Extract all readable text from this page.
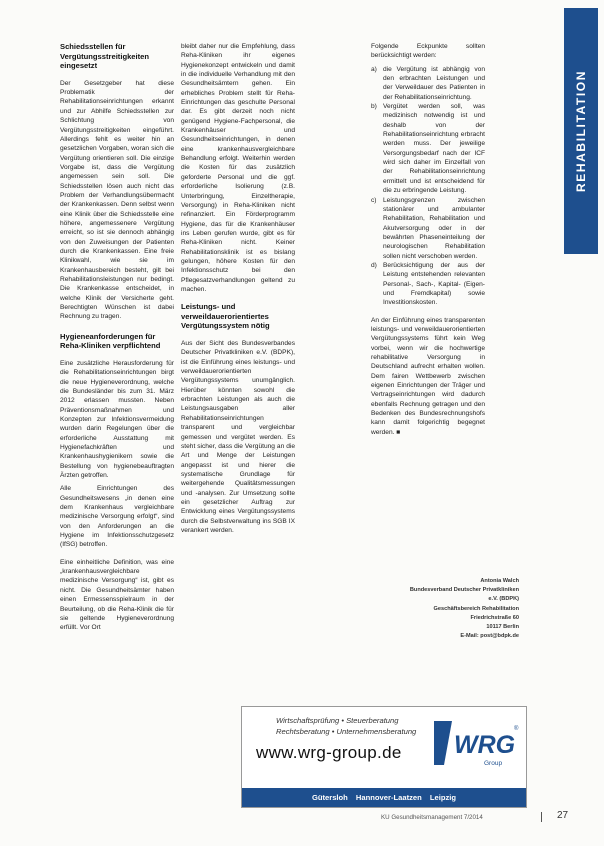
REHABILITATION
Schiedsstellen für Vergütungsstreitigkeiten eingesetzt

Der Gesetzgeber hat diese Problematik der Rehabilitationseinrichtungen erkannt und zur Abhilfe Schiedsstellen zur Schlichtung von Vergütungsstreitigkeiten eingeführt. Allerdings fehlt es weiter hin an gesetzlichen Vorgaben, woran sich die Vergütung orientieren soll. Die einzige Vorgabe ist, dass die Vergütung angemessen sein soll. Die Schiedsstellen lösen auch nicht das Problem der Verhandlungsübermacht der Krankenkassen. Denn selbst wenn eine Klinik über die Schiedsstelle eine höhere, angemessenere Vergütung erreicht, so ist sie dennoch abhängig von den Zuweisungen der Patienten durch die Krankenkassen. Eine freie Klinikwahl, wie sie im Krankenhausbereich besteht, gilt bei Rehabilitationsleistungen nur bedingt. Die Krankenkasse entscheidet, in welche Klinik der Versicherte geht. Berechtigten Wünschen ist dabei Rechnung zu tragen.

Hygieneanforderungen für Reha-Kliniken verpflichtend

Eine zusätzliche Herausforderung für die Rehabilitationseinrichtungen birgt die neue Hygieneverordnung, welche die Bundesländer bis zum 31. März 2012 erlassen mussten. Neben Präventionsmaßnahmen und Konzepten zur Infektionsvermeidung wurden darin Regelungen über die erforderliche Ausstattung mit Hygienefachkräften und Krankenhaushygienikern sowie die Bestellung von hygienebeauftragten Ärzten getroffen.

Alle Einrichtungen des Gesundheitswesens „in denen eine dem Krankenhaus vergleichbare medizinische Versorgung erfolgt“, sind von den Anforderungen an die Hygiene im Infektionsschutzgesetz (IfSG) betroffen.

Eine einheitliche Definition, was eine „krankenhausvergleichbare medizinische Versorgung“ ist, gibt es nicht. Die Gesundheitsämter haben einen Ermessensspielraum in der Beurteilung, ob die Reha-Klinik die für sie geltende Hygieneverordnung erfüllt. Vor Ort

bleibt daher nur die Empfehlung, dass Reha-Kliniken ihr eigenes Hygienekonzept entwickeln und damit in die individuelle Verhandlung mit den Gesundheitsämtern gehen. Ein erhebliches Problem stellt für Reha-Einrichtungen das geschulte Personal dar. Es gibt derzeit noch nicht genügend Hygiene-Fachpersonal, die Krankenhäuser und Gesundheitseinrichtungen, in denen eine krankenhausvergleichbare Behandlung erfolgt. Weiterhin werden die Kosten für das zusätzlich geforderte Personal und die ggf. erforderliche Isolierung (z.B. Unterbringung, Einzeltherapie, Versorgung) in Reha-Kliniken nicht refinanziert. Ein Förderprogramm Hygiene, das für die Krankenhäuser ins Leben gerufen wurde, gibt es für Reha-Kliniken nicht. Keiner Rehabilitationsklinik ist es bislang gelungen, höhere Kosten für den Infektionsschutz bei den Pflegesatzverhandlungen geltend zu machen.

Leistungs- und verweildauerorientiertes Vergütungssystem nötig

Aus der Sicht des Bundesverbandes Deutscher Privatkliniken e.V. (BDPK), ist die Einführung eines leistungs- und verweildauerorientierten Vergütungssystems unumgänglich. Hierüber könnten sowohl die erbrachten Leistungen als auch die Leistungsausgaben aller Rehabilitationseinrichtungen transparent und vergleichbar gemessen und vergütet werden. Es steht sicher, dass die Vergütung an die Art und Menge der Leistungen angepasst ist und hierer die systematische Grundlage für weitergehende Qualitätsmessungen und -analysen. Zur Umsetzung sollte ein gesetzlicher Auftrag zur Entwicklung eines Vergütungssystems durch die Selbstverwaltung ins SGB IX verankert werden.

Folgende Eckpunkte sollten berücksichtigt werden:

a) die Vergütung ist abhängig von den erbrachten Leistungen und der Verweildauer des Patienten in der Rehabilitationseinrichtung.
b) Vergütet werden soll, was medizinisch notwendig ist und deshalb von der Rehabilitationseinrichtung erbracht werden muss. Der jeweilige Versorgungsbedarf nach der ICF wird sich daher im Einzelfall von der Rehabilitationseinrichtung ermittelt und ist entscheidend für die zu erbringende Leistung.
c) Leistungsgrenzen zwischen stationärer und ambulanter Rehabilitation, Rehabilitation und Akutversorgung oder in der bewährten Phaseneinteilung der neurologischen Rehabilitation sollen nicht verschoben werden.
d) Berücksichtigung der aus der Leistung entstehenden relevanten Personal-, Sach-, Kapital- (Eigen- und Fremdkapital) sowie Investitionskosten.

An der Einführung eines transparenten leistungs- und verweildauerorientierten Vergütungssystems führt kein Weg vorbei, wenn wir die hochwertige rehabilitative Versorgung in Deutschland aufrecht erhalten wollen. Dem fairen Wettbewerb zwischen eigenen Einrichtungen der Träger und Vertragseinrichtungen wird dadurch ebenfalls Rechnung getragen und den Bedenken des Bundesrechnungshofs kann damit folgerichtig begegnet werden. ■

Antonia Walch
Bundesverband Deutscher Privatkliniken
e.V. (BDPK)
Geschäftsbereich Rehabilitation
Friedrichstraße 60
10117 Berlin
E-Mail: post@bdpk.de
Wirtschaftsprüfung • Steuerberatung
Rechtsberatung • Unternehmensberatung
www.wrg-group.de WRG
®
Group
Gütersloh Hannover-Laatzen Leipzig
KU Gesundheitsmanagement 7/2014	27
